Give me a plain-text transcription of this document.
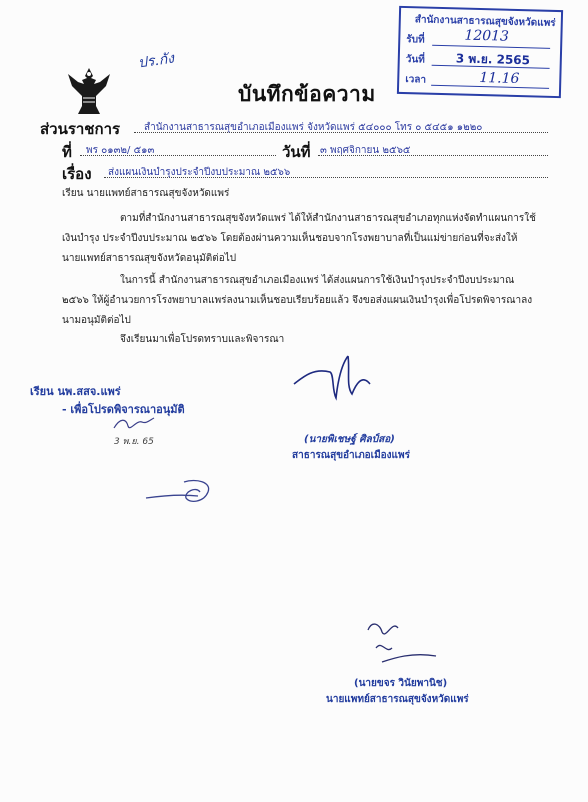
สำนักงานสาธารณสุขจังหวัดแพร่
รับที่	12013
วันที่	3 พ.ย. 2565
เวลา	11.16
ปร.กัง
บันทึกข้อความ
ส่วนราชการ สำนักงานสาธารณสุขอำเภอเมืองแพร่ จังหวัดแพร่ ๕๔๐๐๐ โทร ๐ ๕๔๕๑ ๑๒๒๐
ที่ พร ๐๑๓๒/ ๕๑๓	วันที่ ๓ พฤศจิกายน ๒๕๖๕
เรื่อง ส่งแผนเงินบำรุงประจำปีงบประมาณ ๒๕๖๖
เรียน นายแพทย์สาธารณสุขจังหวัดแพร่
ตามที่สำนักงานสาธารณสุขจังหวัดแพร่ ได้ให้สำนักงานสาธารณสุขอำเภอทุกแห่งจัดทำแผนการใช้
เงินบำรุง ประจำปีงบประมาณ ๒๕๖๖ โดยต้องผ่านความเห็นชอบจากโรงพยาบาลที่เป็นแม่ข่ายก่อนที่จะส่งให้
นายแพทย์สาธารณสุขจังหวัดอนุมัติต่อไป
ในการนี้ สำนักงานสาธารณสุขอำเภอเมืองแพร่ ได้ส่งแผนการใช้เงินบำรุงประจำปีงบประมาณ
๒๕๖๖ ให้ผู้อำนวยการโรงพยาบาลแพร่ลงนามเห็นชอบเรียบร้อยแล้ว จึงขอส่งแผนเงินบำรุงเพื่อโปรดพิจารณาลง
นามอนุมัติต่อไป
จึงเรียนมาเพื่อโปรดทราบและพิจารณา
เรียน นพ.สสจ.แพร่
- เพื่อโปรดพิจารณาอนุมัติ
3 พ.ย. 65	(นายพิเชษฐ์ ศิลป์สอ)
สาธารณสุขอำเภอเมืองแพร่
(นายขจร วินัยพานิช)
นายแพทย์สาธารณสุขจังหวัดแพร่
